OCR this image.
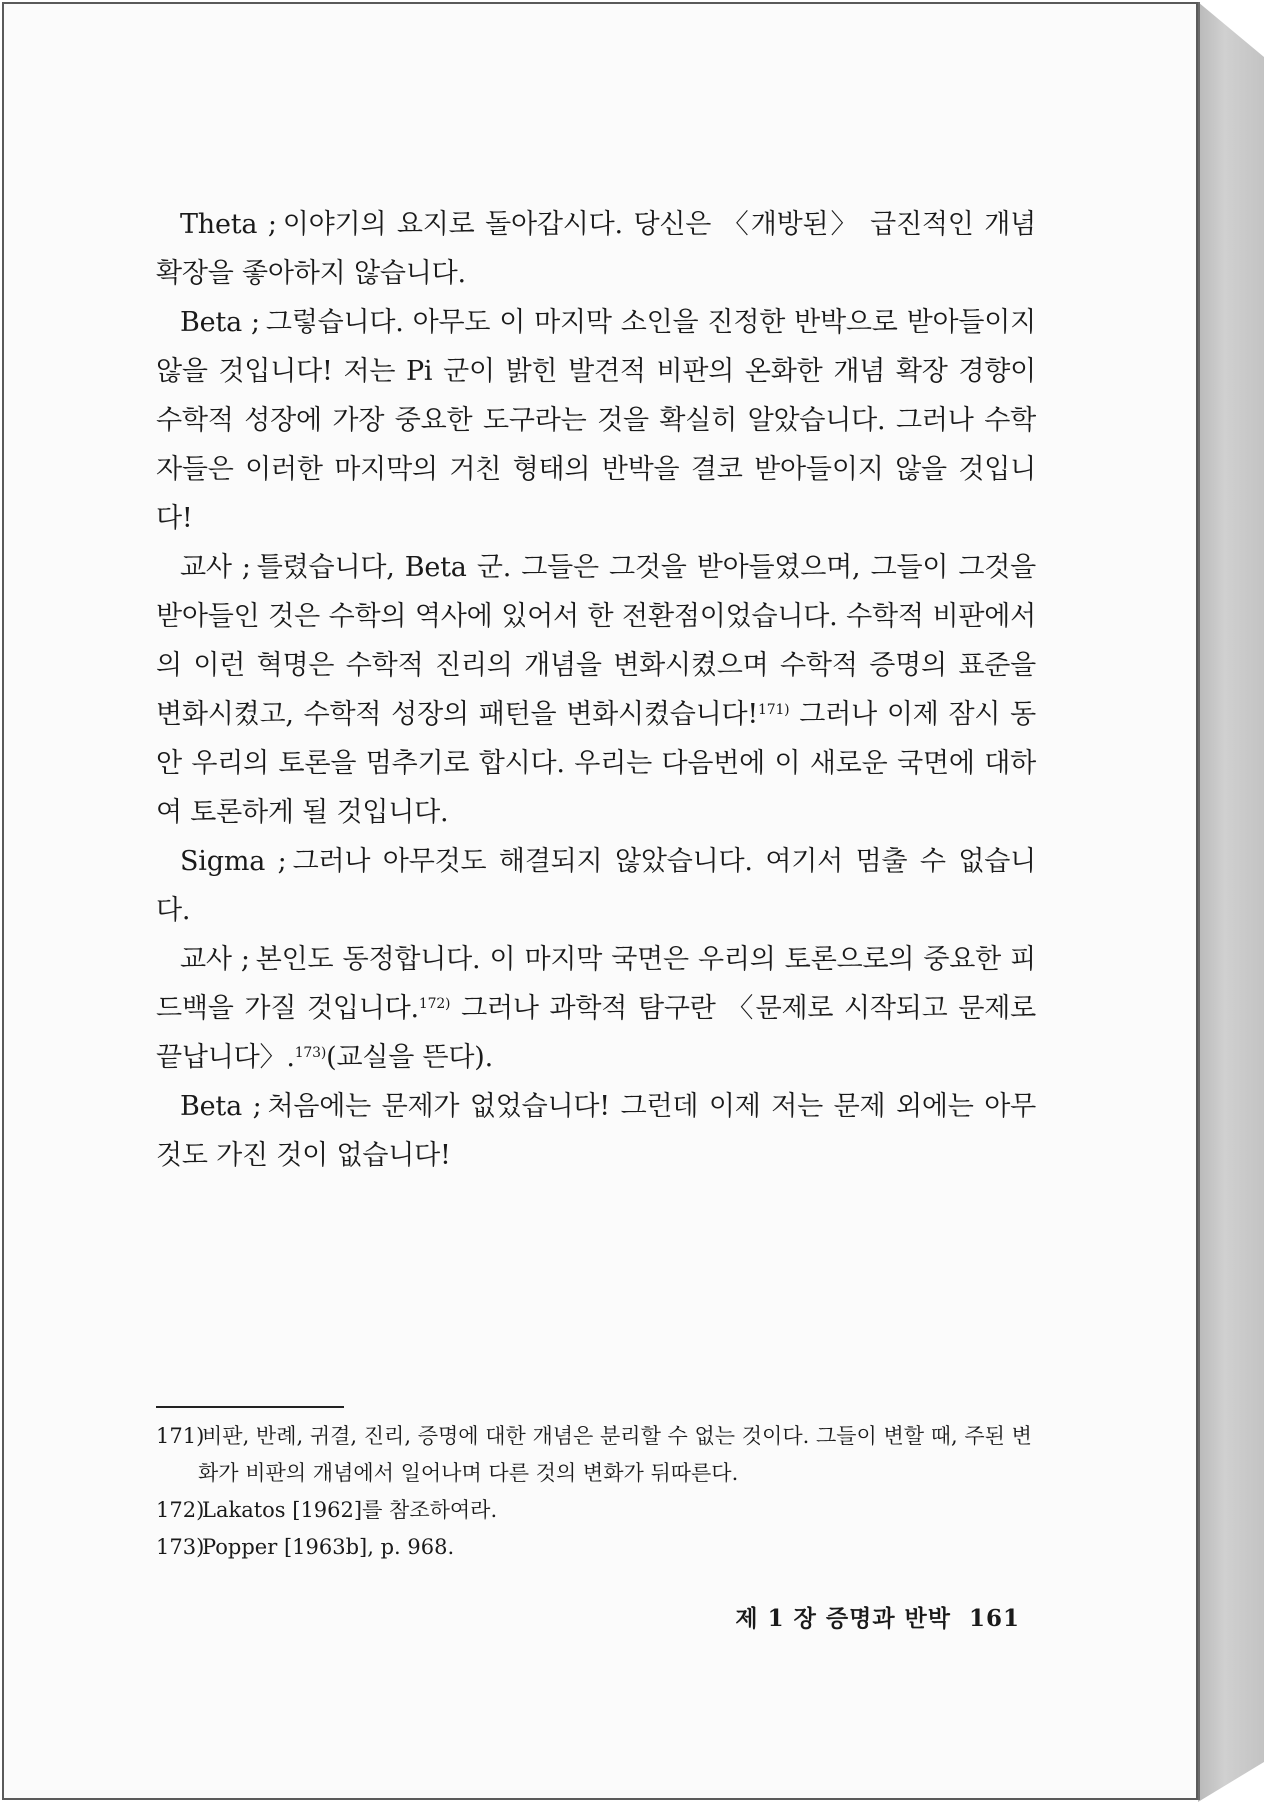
Theta ; 이야기의 요지로 돌아갑시다. 당신은 〈개방된〉 급진적인 개념 확장을 좋아하지 않습니다.

Beta ; 그렇습니다. 아무도 이 마지막 소인을 진정한 반박으로 받아들이지 않을 것입니다! 저는 Pi 군이 밝힌 발견적 비판의 온화한 개념 확장 경향이 수학적 성장에 가장 중요한 도구라는 것을 확실히 알았습니다. 그러나 수학자들은 이러한 마지막의 거친 형태의 반박을 결코 받아들이지 않을 것입니다!

교사 ; 틀렸습니다, Beta 군. 그들은 그것을 받아들였으며, 그들이 그것을 받아들인 것은 수학의 역사에 있어서 한 전환점이었습니다. 수학적 비판에서의 이런 혁명은 수학적 진리의 개념을 변화시켰으며 수학적 증명의 표준을 변화시켰고, 수학적 성장의 패턴을 변화시켰습니다!$^{171)}$ 그러나 이제 잠시 동안 우리의 토론을 멈추기로 합시다. 우리는 다음번에 이 새로운 국면에 대하여 토론하게 될 것입니다.

Sigma ; 그러나 아무것도 해결되지 않았습니다. 여기서 멈출 수 없습니다.

교사 ; 본인도 동정합니다. 이 마지막 국면은 우리의 토론으로의 중요한 피드백을 가질 것입니다.$^{172)}$ 그러나 과학적 탐구란 〈문제로 시작되고 문제로 끝납니다〉.$^{173)}$(교실을 뜬다).

Beta ; 처음에는 문제가 없었습니다! 그런데 이제 저는 문제 외에는 아무것도 가진 것이 없습니다!

171)비판, 반례, 귀결, 진리, 증명에 대한 개념은 분리할 수 없는 것이다. 그들이 변할 때, 주된 변화가 비판의 개념에서 일어나며 다른 것의 변화가 뒤따른다.

172)Lakatos [1962]를 참조하여라.

173)Popper [1963b], p. 968.

제 1 장 증명과 반박 161
